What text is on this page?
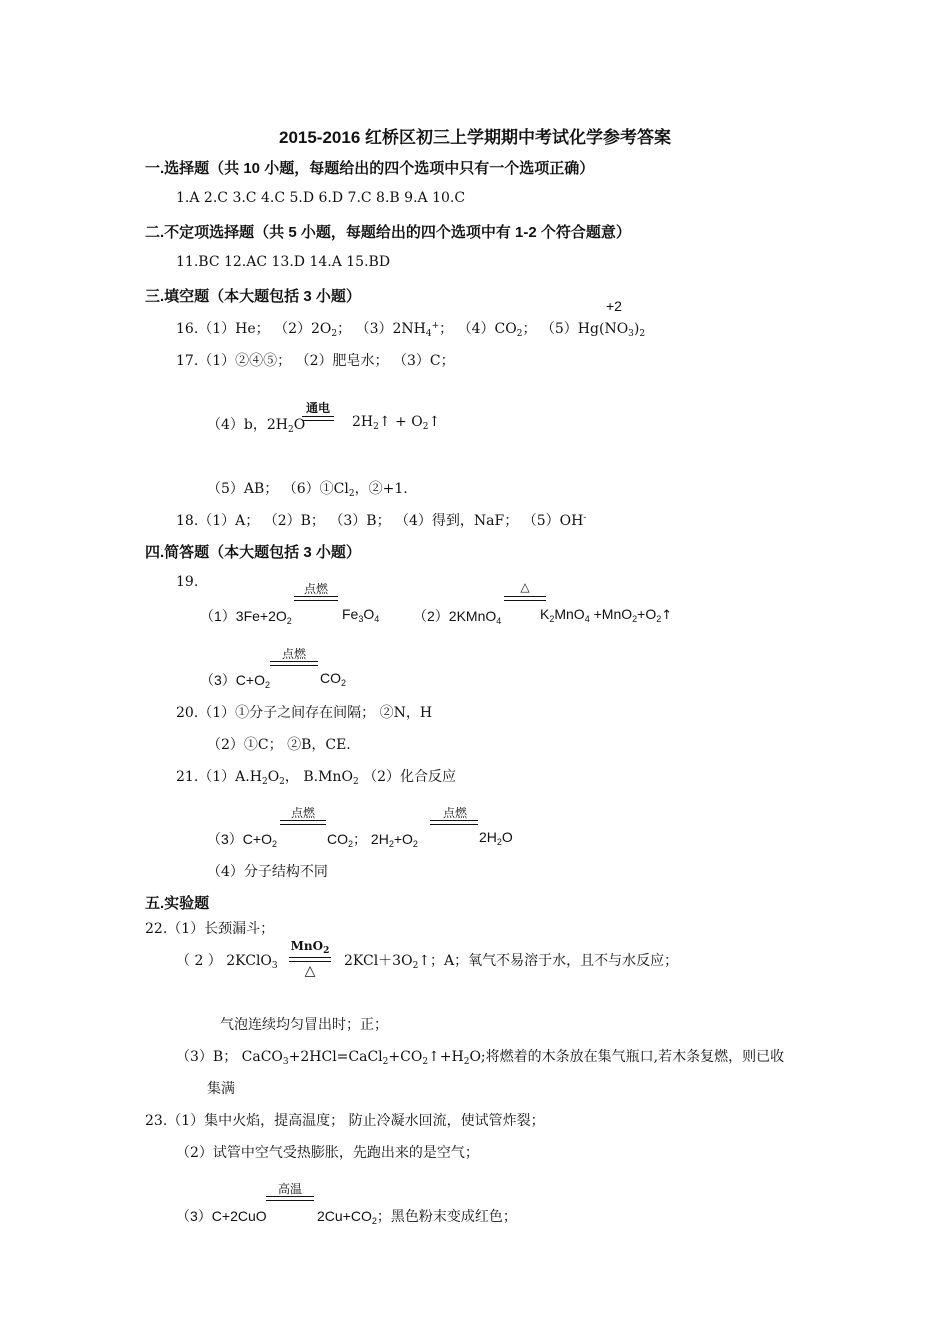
2015-2016 红桥区初三上学期期中考试化学参考答案
一.选择题（共 10 小题，每题给出的四个选项中只有一个选项正确）
1.A 2.C 3.C 4.C 5.D 6.D 7.C 8.B 9.A 10.C
二.不定项选择题（共 5 小题，每题给出的四个选项中有 1-2 个符合题意）
11.BC 12.AC 13.D 14.A 15.BD
三.填空题（本大题包括 3 小题）
+2
16.（1）He； $(2)2O_2$； $(3)2NH_4^+$； $(4)CO_2$； $(5)Hg(NO_3)_2$
17.（1）②④⑤； （2）肥皂水； （3）C；
（4）b，$2H_2O$
通电
$2H_2↑$ + $O_2↑$
（5）AB； $(6)①Cl_2$，②+1.
18.（1）A； （2）B； （3）B； （4）得到，NaF； （5）OH-
四.简答题（本大题包括 3 小题）
19.
$(1)3Fe+2O_2$
点燃
$Fe_3O_4$ （2）2KMnO$_4$
△
$K_2MnO_4$ $+MnO_2+O_2↑$
$(3)C+O_2$
点燃
$CO_2$
20.（1）①分子之间存在间隔； ②N，H
（2）①C； ②B，CE.
$21.(1)A.H_2O_2$， B.MnO$_2$ （2）化合反应
$(3)C+O_2$
点燃
$CO_2$； $2H_2+O_2$
点燃
$2H_2O$
（4）分子结构不同
五.实验题
22.（1）长颈漏斗；
（ 2 ） 2KClO$_3$
MnO$_2$
△
$2KCl+3O_2↑$；A；氧气不易溶于水，且不与水反应；
气泡连续均匀冒出时；正；
（3）B； $CaCO_3+2HCl=CaCl_2+CO_2↑+H_2O$;将燃着的木条放在集气瓶口,若木条复燃，则已收
集满
23.（1）集中火焰，提高温度； 防止冷凝水回流，使试管炸裂；
（2）试管中空气受热膨胀，先跑出来的是空气；
（3）C+2CuO
高温
$2Cu+CO_2$；黑色粉末变成红色；
